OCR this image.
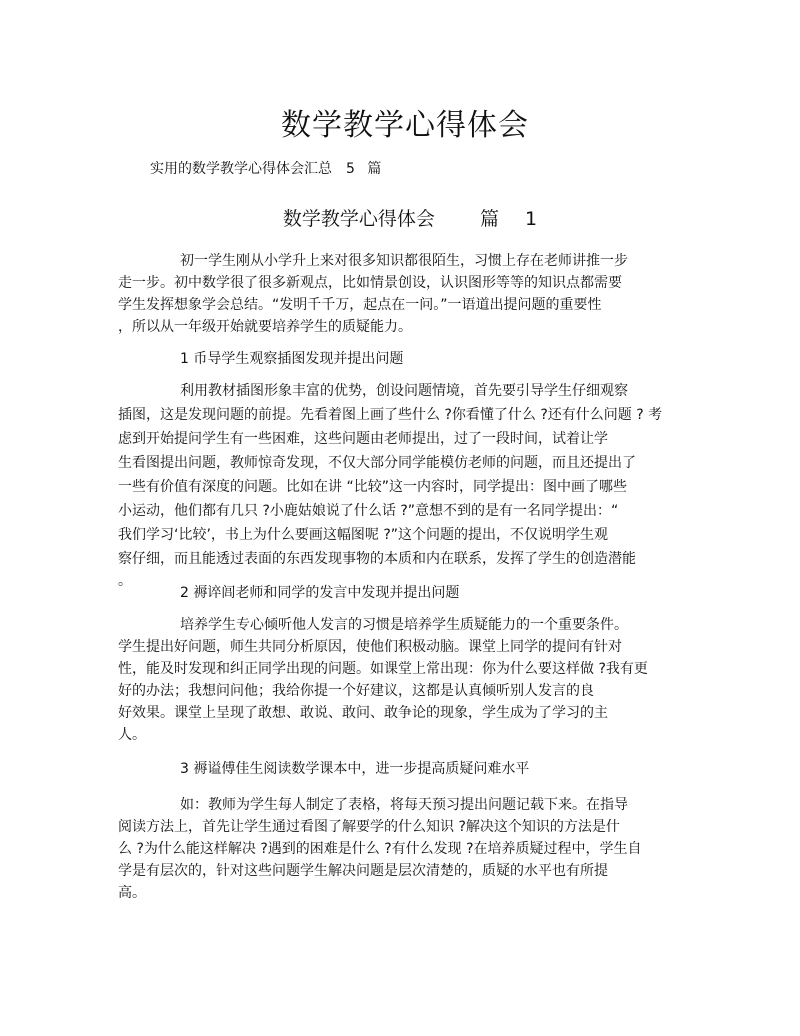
数学教学心得体会
实用的数学教学心得体会汇总　5 篇
数学教学心得体会　 篇 1
初一学生刚从小学升上来对很多知识都很陌生，习惯上存在老师讲推一步
走一步。初中数学很了很多新观点，比如情景创设，认识图形等等的知识点都需要
学生发挥想象学会总结。“发明千千万，起点在一问。”一语道出提问题的重要性
，所以从一年级开始就要培养学生的质疑能力。
1 币导学生观察插图发现并提出问题
利用教材插图形象丰富的优势，创设问题情境，首先要引导学生仔细观察
插图，这是发现问题的前提。先看着图上画了些什么 ?你看懂了什么 ?还有什么问题 ? 考
虑到开始提问学生有一些困难，这些问题由老师提出，过了一段时间，试着让学
生看图提出问题，教师惊奇发现，不仅大部分同学能模仿老师的问题，而且还提出了
一些有价值有深度的问题。比如在讲 “比较”这一内容时，同学提出：图中画了哪些
小运动，他们都有几只 ?小鹿姑娘说了什么话 ?”意想不到的是有一名同学提出：“
我们学习‘比较’，书上为什么要画这幅图呢 ?”这个问题的提出，不仅说明学生观
察仔细，而且能透过表面的东西发现事物的本质和内在联系，发挥了学生的创造潜能
。
2 褥谇闾老师和同学的发言中发现并提出问题
培养学生专心倾听他人发言的习惯是培养学生质疑能力的一个重要条件。
学生提出好问题，师生共同分析原因，使他们积极动脑。课堂上同学的提问有针对
性，能及时发现和纠正同学出现的问题。如课堂上常出现：你为什么要这样做 ?我有更
好的办法；我想问问他；我给你提一个好建议，这都是认真倾听别人发言的良
好效果。课堂上呈现了敢想、敢说、敢问、敢争论的现象，学生成为了学习的主
人。
3 褥谥傅佳生阅读数学课本中，进一步提高质疑问难水平
如：教师为学生每人制定了表格，将每天预习提出问题记载下来。在指导
阅读方法上，首先让学生通过看图了解要学的什么知识 ?解决这个知识的方法是什
么 ?为什么能这样解决 ?遇到的困难是什么 ?有什么发现 ?在培养质疑过程中，学生自
学是有层次的，针对这些问题学生解决问题是层次清楚的，质疑的水平也有所提
高。
